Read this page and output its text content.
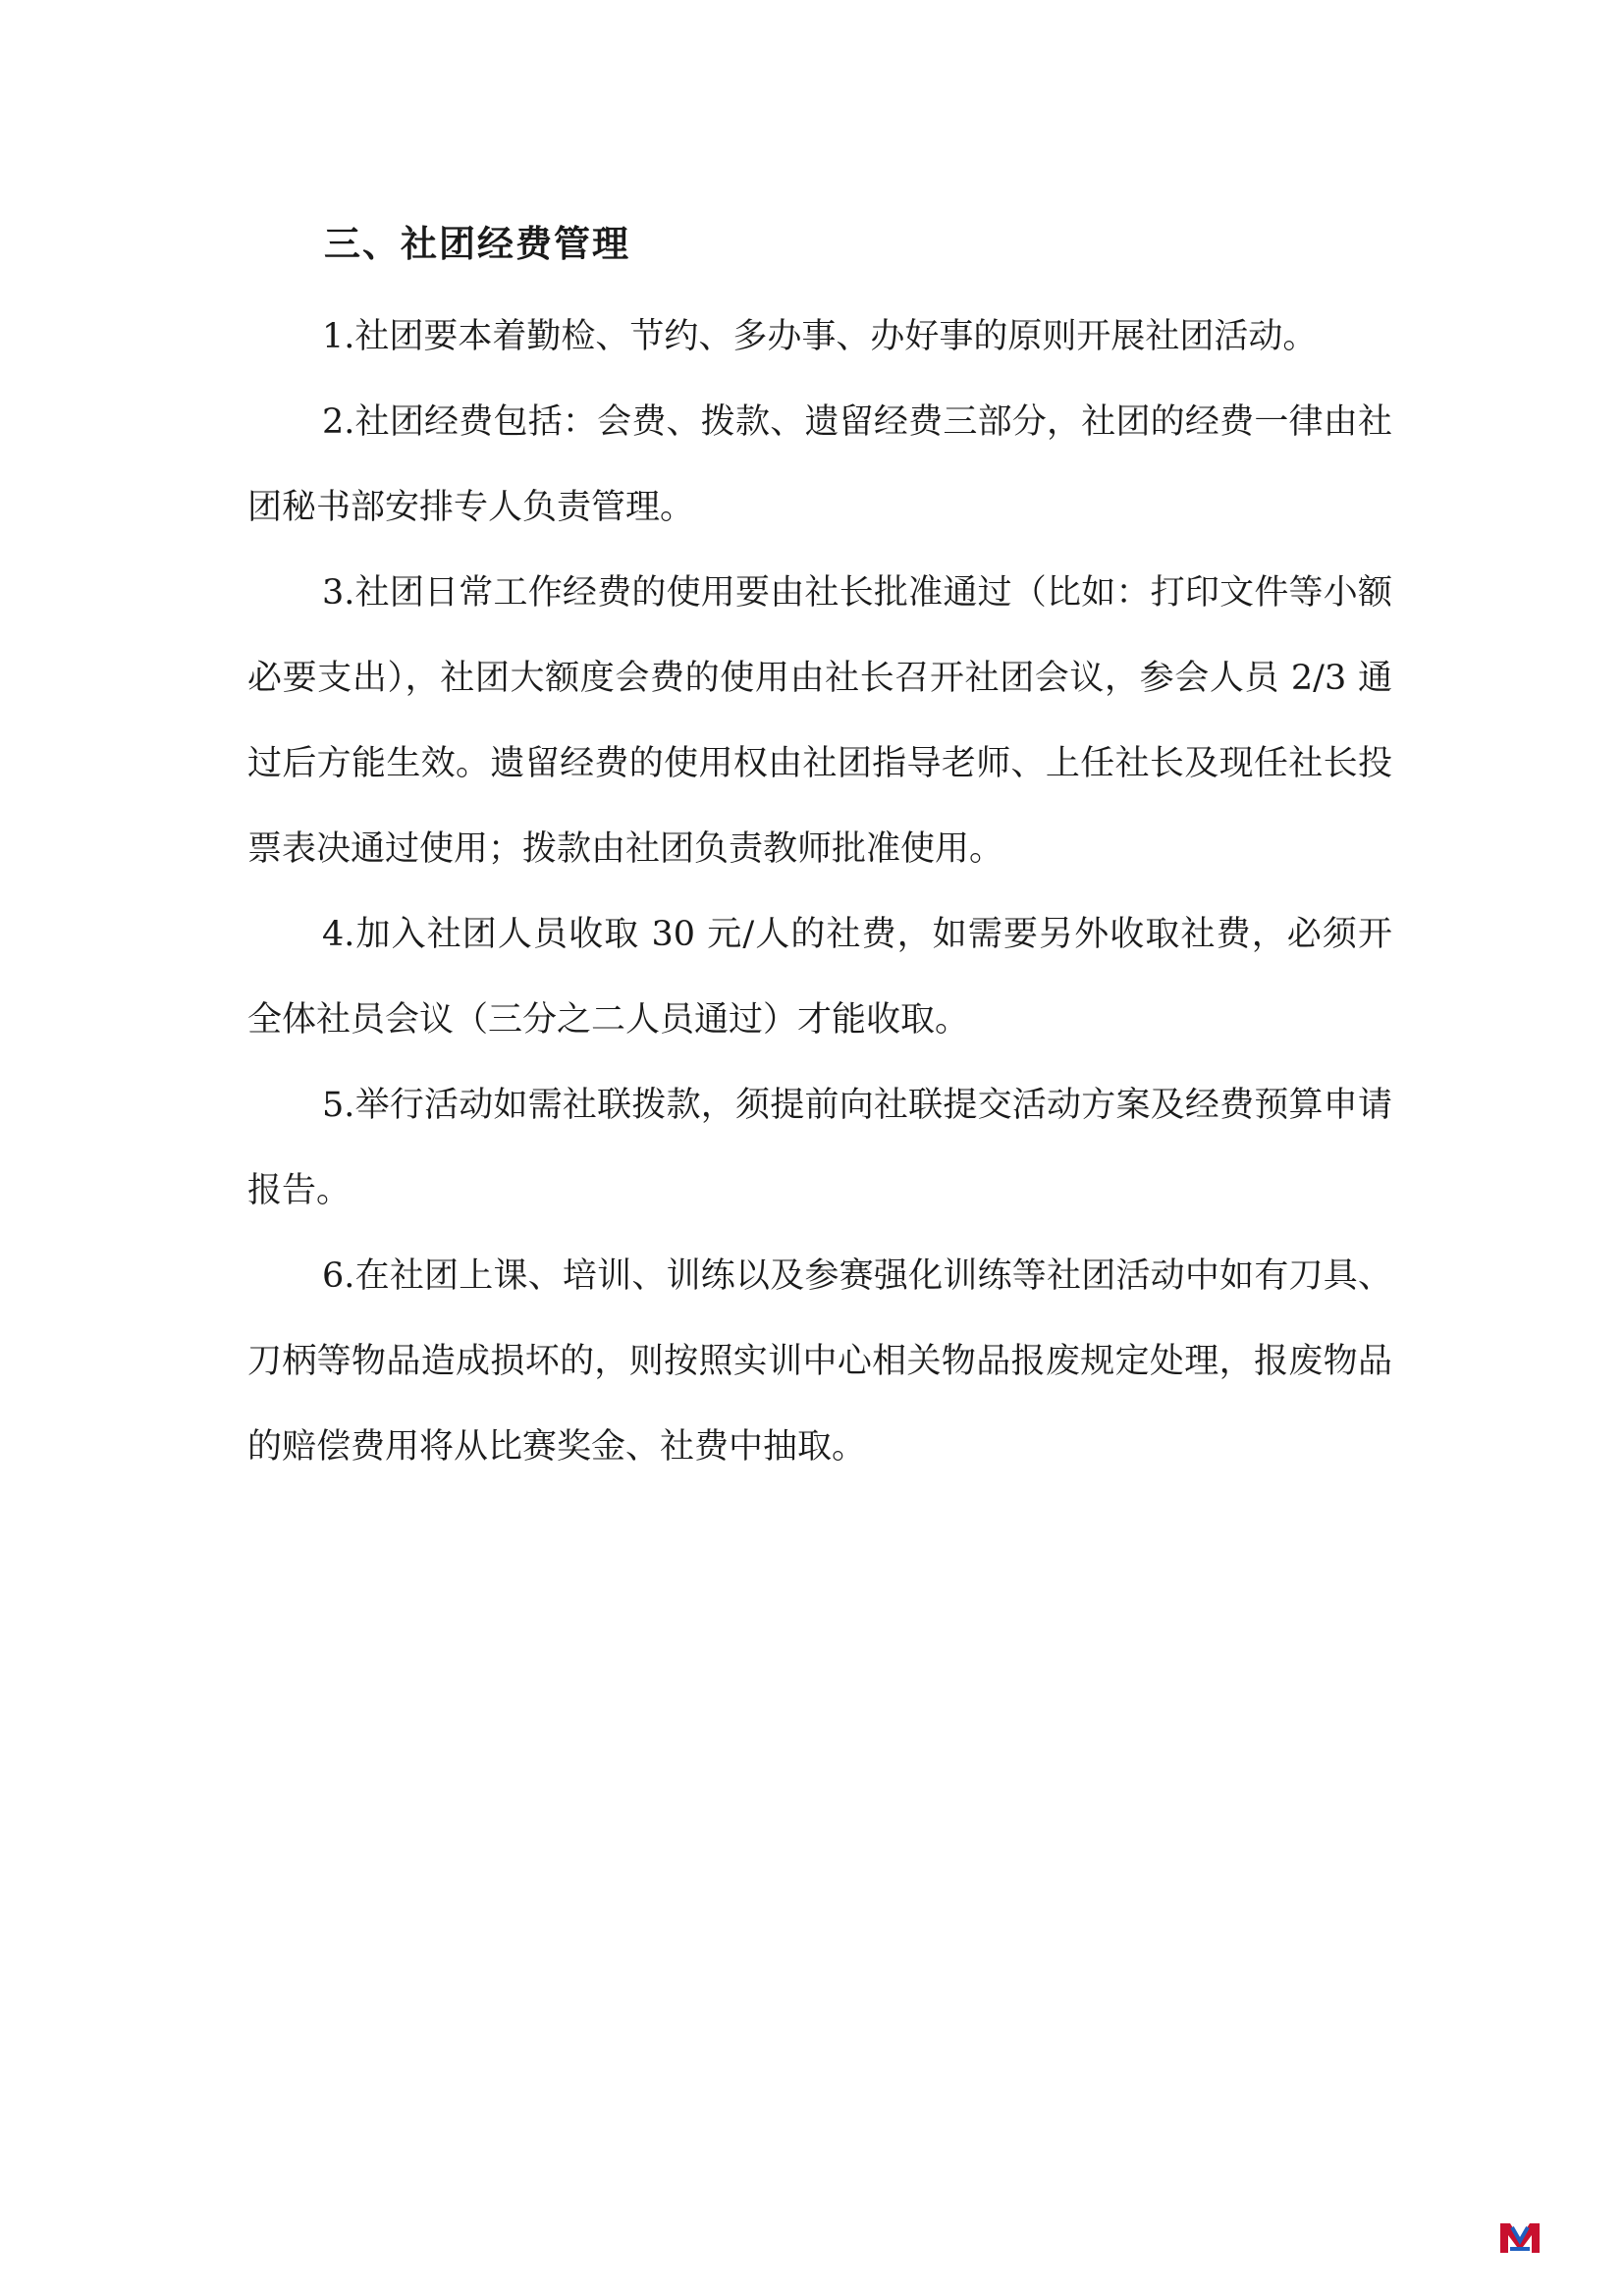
三、社团经费管理

1.社团要本着勤检、节约、多办事、办好事的原则开展社团活动。

2.社团经费包括：会费、拨款、遗留经费三部分，社团的经费一律由社团秘书部安排专人负责管理。

3.社团日常工作经费的使用要由社长批准通过（比如：打印文件等小额必要支出），社团大额度会费的使用由社长召开社团会议，参会人员 2/3 通过后方能生效。遗留经费的使用权由社团指导老师、上任社长及现任社长投票表决通过使用；拨款由社团负责教师批准使用。

4.加入社团人员收取 30 元/人的社费，如需要另外收取社费，必须开全体社员会议（三分之二人员通过）才能收取。

5.举行活动如需社联拨款，须提前向社联提交活动方案及经费预算申请报告。

6.在社团上课、培训、训练以及参赛强化训练等社团活动中如有刀具、刀柄等物品造成损坏的，则按照实训中心相关物品报废规定处理，报废物品的赔偿费用将从比赛奖金、社费中抽取。
